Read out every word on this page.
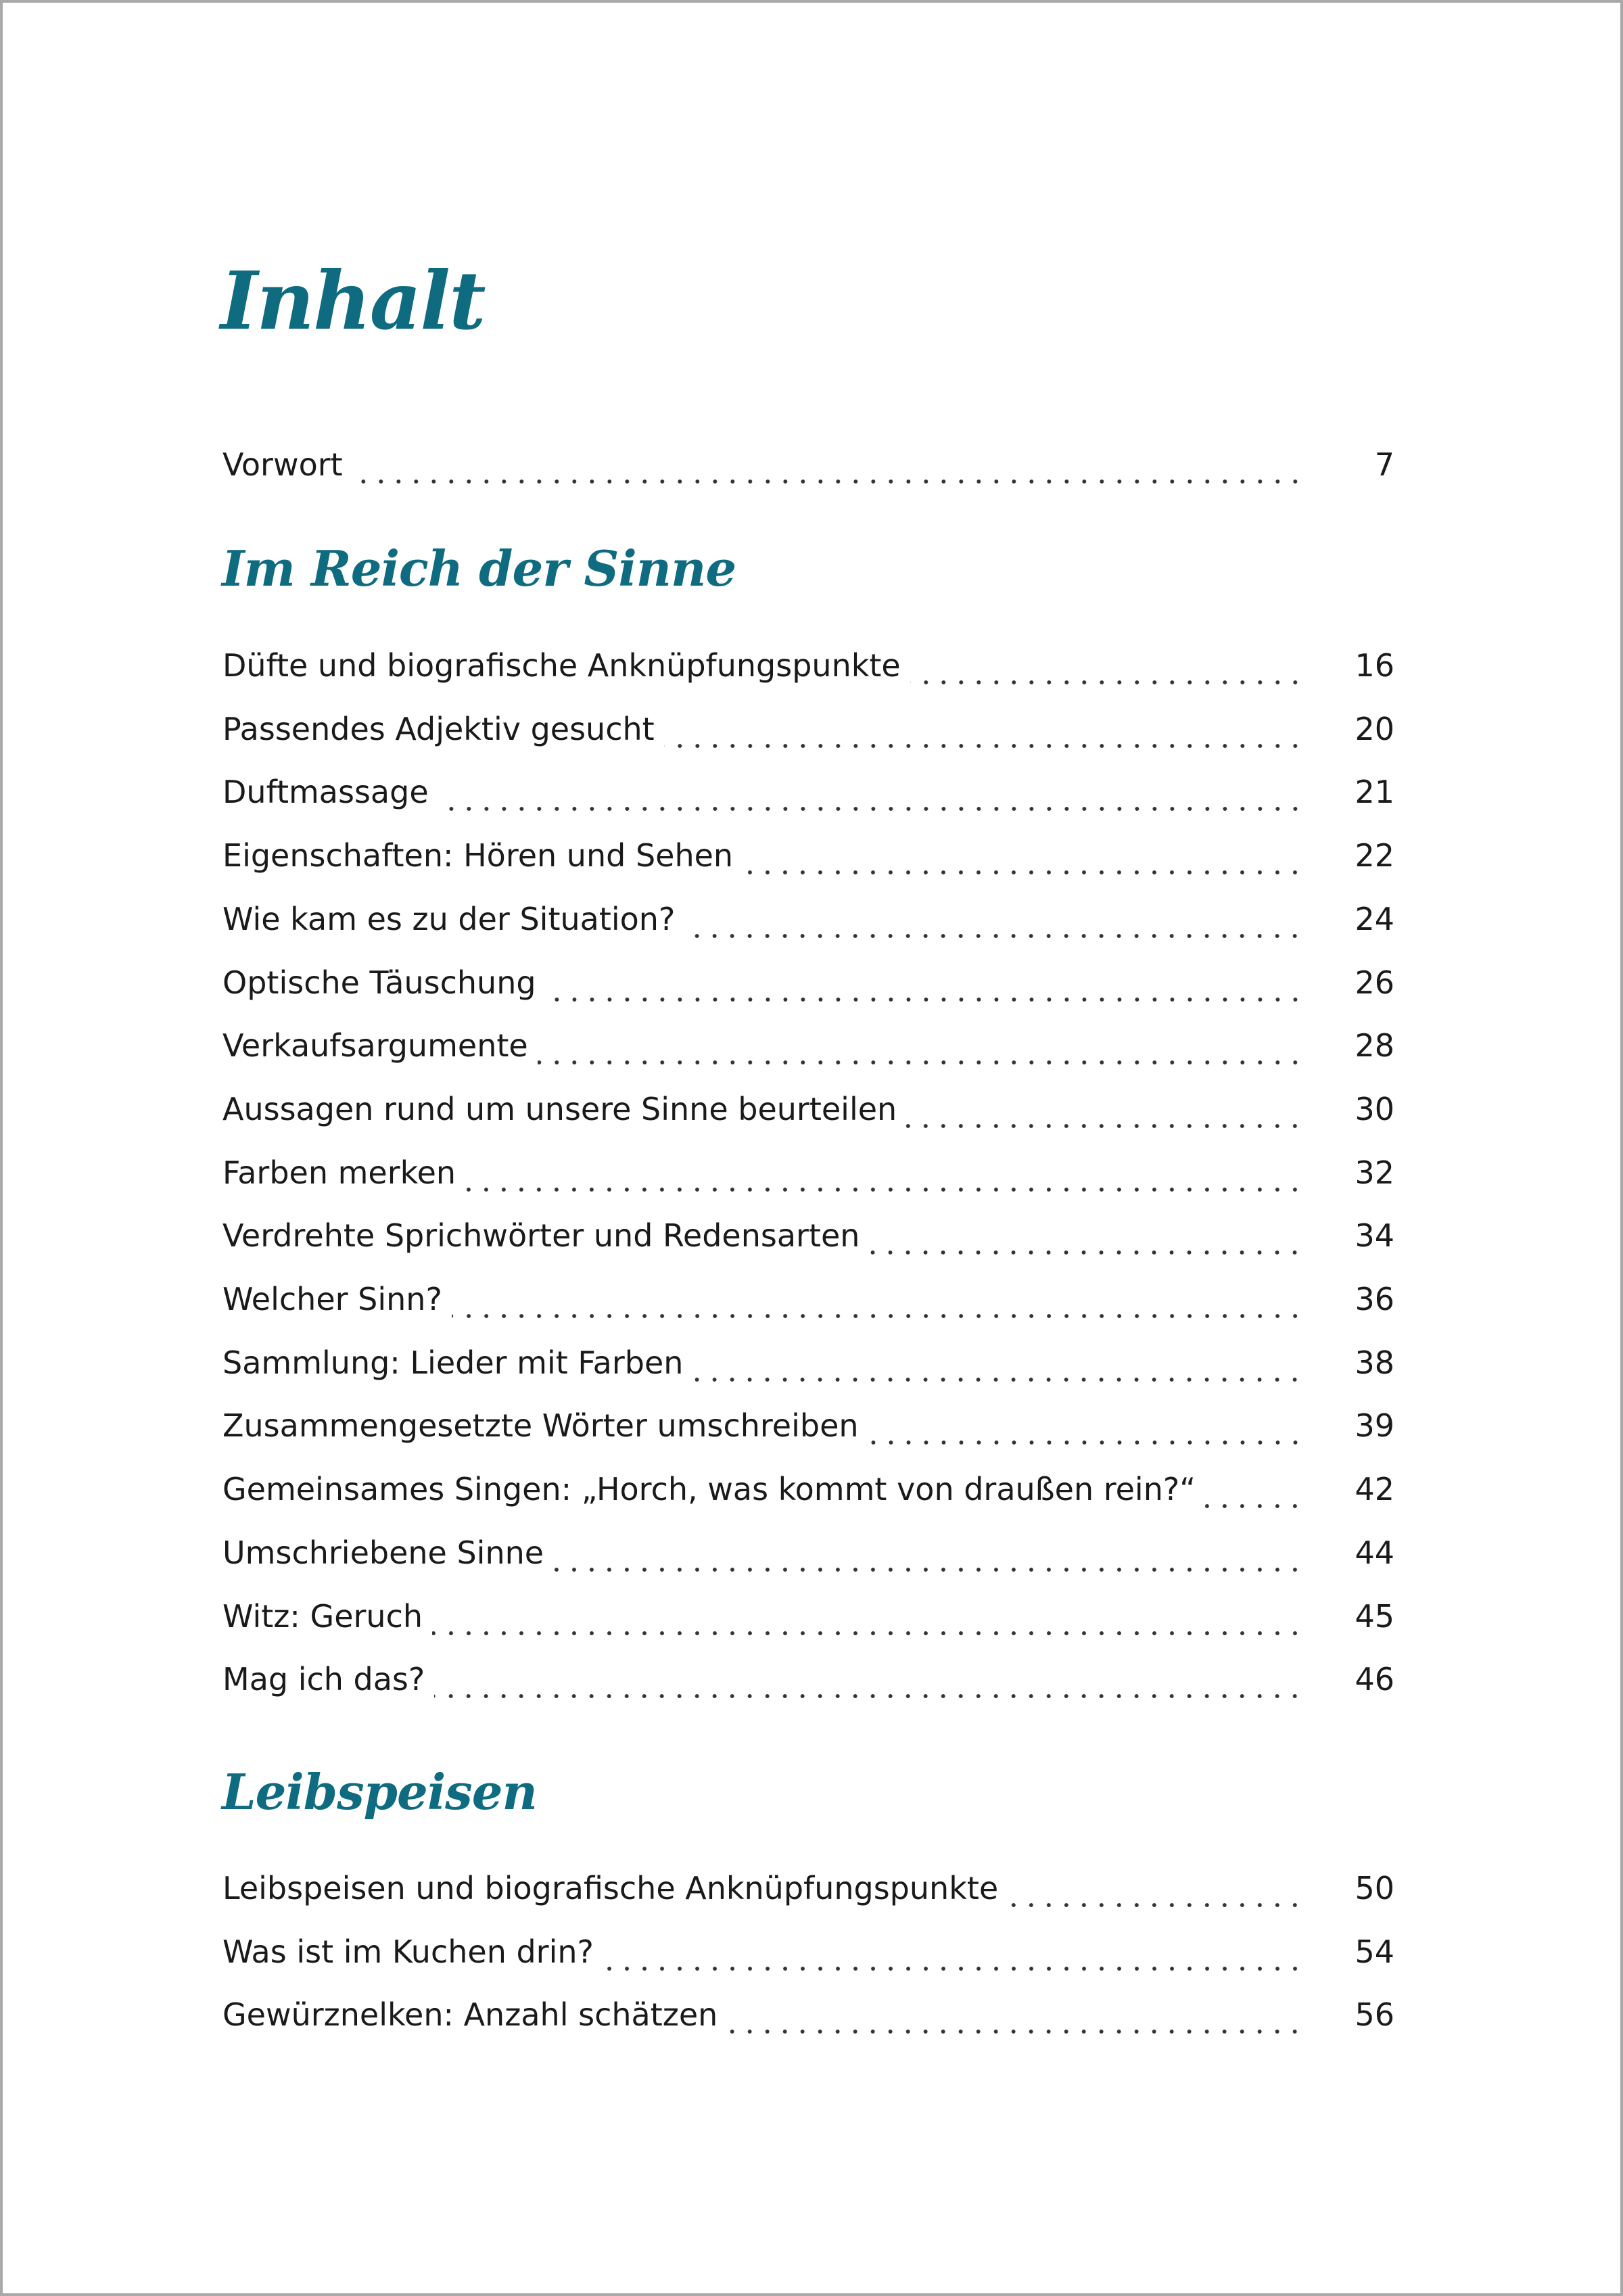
Inhalt
Vorwort	7
Im Reich der Sinne
Düfte und biografische Anknüpfungspunkte	16
Passendes Adjektiv gesucht	20
Duftmassage	21
Eigenschaften: Hören und Sehen	22
Wie kam es zu der Situation?	24
Optische Täuschung	26
Verkaufsargumente	28
Aussagen rund um unsere Sinne beurteilen	30
Farben merken	32
Verdrehte Sprichwörter und Redensarten	34
Welcher Sinn?	36
Sammlung: Lieder mit Farben	38
Zusammengesetzte Wörter umschreiben	39
Gemeinsames Singen: „Horch, was kommt von draußen rein?“	42
Umschriebene Sinne	44
Witz: Geruch	45
Mag ich das?	46
Leibspeisen
Leibspeisen und biografische Anknüpfungspunkte	50
Was ist im Kuchen drin?	54
Gewürznelken: Anzahl schätzen	56
